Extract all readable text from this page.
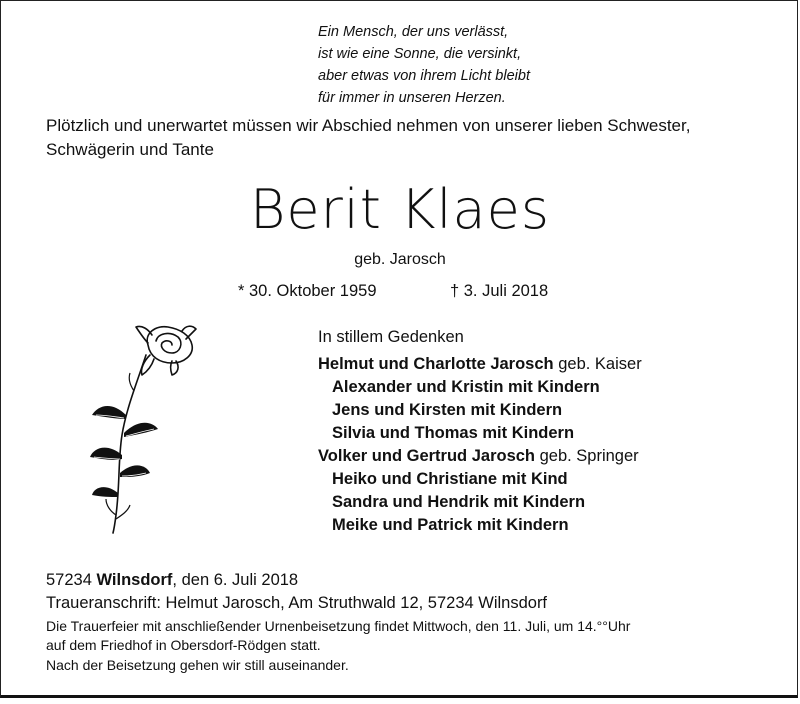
Ein Mensch, der uns verlässt,
ist wie eine Sonne, die versinkt,
aber etwas von ihrem Licht bleibt
für immer in unseren Herzen.
Plötzlich und unerwartet müssen wir Abschied nehmen von unserer lieben Schwester, Schwägerin und Tante
Berit Klaes
geb. Jarosch
* 30. Oktober 1959	† 3. Juli 2018
In stillem Gedenken
Helmut und Charlotte Jarosch geb. Kaiser
Alexander und Kristin mit Kindern
Jens und Kirsten mit Kindern
Silvia und Thomas mit Kindern
Volker und Gertrud Jarosch geb. Springer
Heiko und Christiane mit Kind
Sandra und Hendrik mit Kindern
Meike und Patrick mit Kindern
57234 Wilnsdorf, den 6. Juli 2018
Traueranschrift: Helmut Jarosch, Am Struthwald 12, 57234 Wilnsdorf
Die Trauerfeier mit anschließender Urnenbeisetzung findet Mittwoch, den 11. Juli, um 14.°°Uhr
auf dem Friedhof in Obersdorf-Rödgen statt.
Nach der Beisetzung gehen wir still auseinander.
